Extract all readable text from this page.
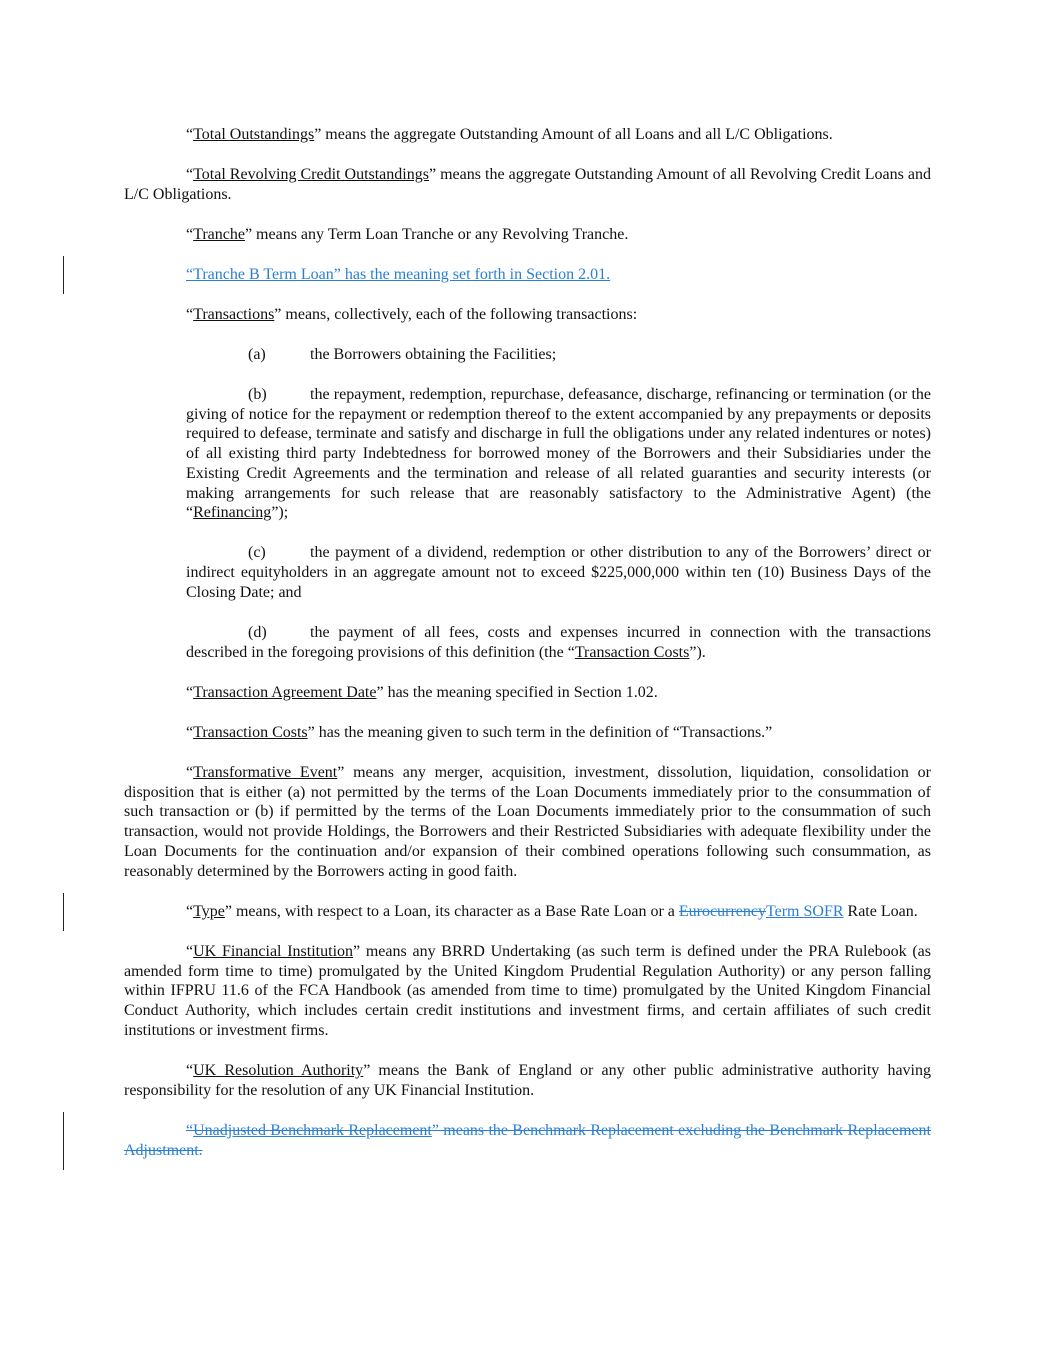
“Total Outstandings” means the aggregate Outstanding Amount of all Loans and all L/C Obligations.

“Total Revolving Credit Outstandings” means the aggregate Outstanding Amount of all Revolving Credit Loans and L/C Obligations.

“Tranche” means any Term Loan Tranche or any Revolving Tranche.

“Tranche B Term Loan” has the meaning set forth in Section 2.01.

“Transactions” means, collectively, each of the following transactions:

(a)	the Borrowers obtaining the Facilities;

(b)	the repayment, redemption, repurchase, defeasance, discharge, refinancing or termination (or the giving of notice for the repayment or redemption thereof to the extent accompanied by any prepayments or deposits required to defease, terminate and satisfy and discharge in full the obligations under any related indentures or notes) of all existing third party Indebtedness for borrowed money of the Borrowers and their Subsidiaries under the Existing Credit Agreements and the termination and release of all related guaranties and security interests (or making arrangements for such release that are reasonably satisfactory to the Administrative Agent) (the “Refinancing”);

(c)	the payment of a dividend, redemption or other distribution to any of the Borrowers’ direct or indirect equityholders in an aggregate amount not to exceed $225,000,000 within ten (10) Business Days of the Closing Date; and

(d)	the payment of all fees, costs and expenses incurred in connection with the transactions described in the foregoing provisions of this definition (the “Transaction Costs”).

“Transaction Agreement Date” has the meaning specified in Section 1.02.

“Transaction Costs” has the meaning given to such term in the definition of “Transactions.”

“Transformative Event” means any merger, acquisition, investment, dissolution, liquidation, consolidation or disposition that is either (a) not permitted by the terms of the Loan Documents immediately prior to the consummation of such transaction or (b) if permitted by the terms of the Loan Documents immediately prior to the consummation of such transaction, would not provide Holdings, the Borrowers and their Restricted Subsidiaries with adequate flexibility under the Loan Documents for the continuation and/or expansion of their combined operations following such consummation, as reasonably determined by the Borrowers acting in good faith.

“Type” means, with respect to a Loan, its character as a Base Rate Loan or a EurocurrencyTerm SOFR Rate Loan.

“UK Financial Institution” means any BRRD Undertaking (as such term is defined under the PRA Rulebook (as amended form time to time) promulgated by the United Kingdom Prudential Regulation Authority) or any person falling within IFPRU 11.6 of the FCA Handbook (as amended from time to time) promulgated by the United Kingdom Financial Conduct Authority, which includes certain credit institutions and investment firms, and certain affiliates of such credit institutions or investment firms.

“UK Resolution Authority” means the Bank of England or any other public administrative authority having responsibility for the resolution of any UK Financial Institution.

“Unadjusted Benchmark Replacement” means the Benchmark Replacement excluding the Benchmark Replacement Adjustment.
